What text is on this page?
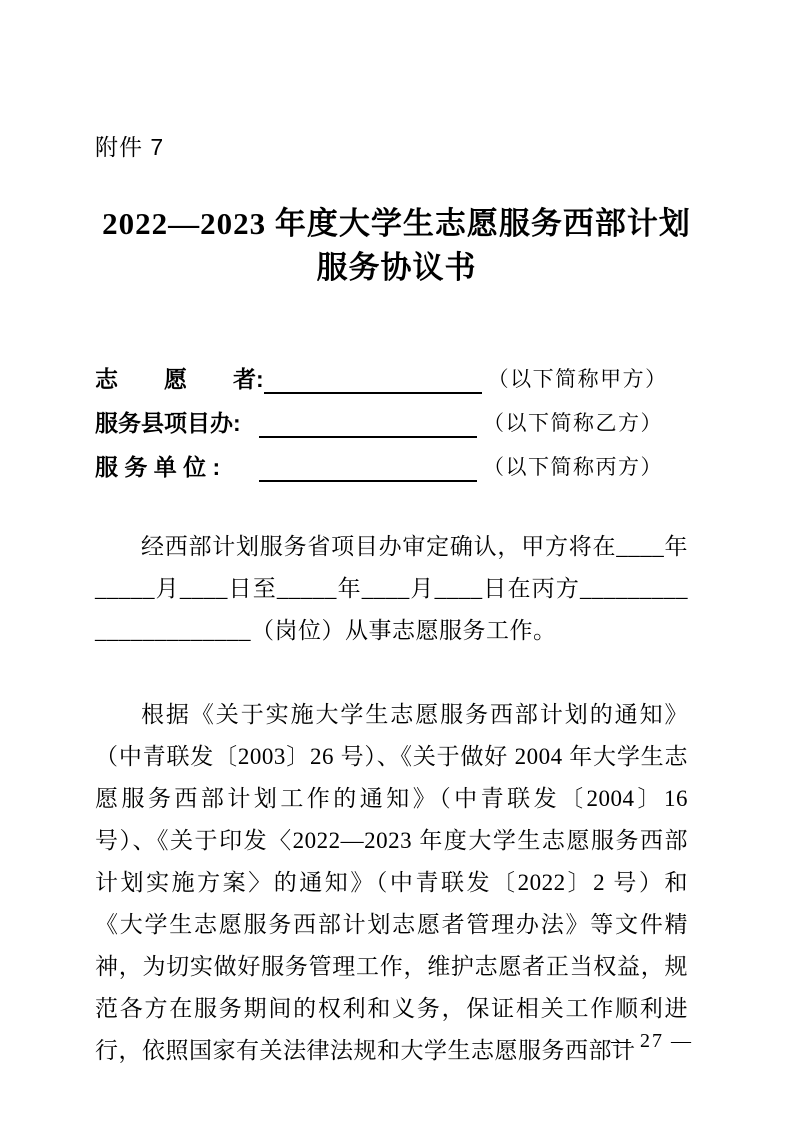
附件 7
2022—2023 年度大学生志愿服务西部计划
服务协议书
志　　愿　　者:	（以下简称甲方）
服务县项目办:	（以下简称乙方）
服 务 单 位 :	（以下简称丙方）

经西部计划服务省项目办审定确认，甲方将在____年_____月____日至_____年____月____日在丙方______________________（岗位）从事志愿服务工作。

根据《关于实施大学生志愿服务西部计划的通知》（中青联发〔2003〕26 号）、《关于做好 2004 年大学生志愿服务西部计划工作的通知》（中青联发〔2004〕16 号）、《关于印发〈2022—2023 年度大学生志愿服务西部计划实施方案〉的通知》（中青联发〔2022〕2 号）和《大学生志愿服务西部计划志愿者管理办法》等文件精神，为切实做好服务管理工作，维护志愿者正当权益，规范各方在服务期间的权利和义务，保证相关工作顺利进行，依照国家有关法律法规和大学生志愿服务西部计

— 27 —
